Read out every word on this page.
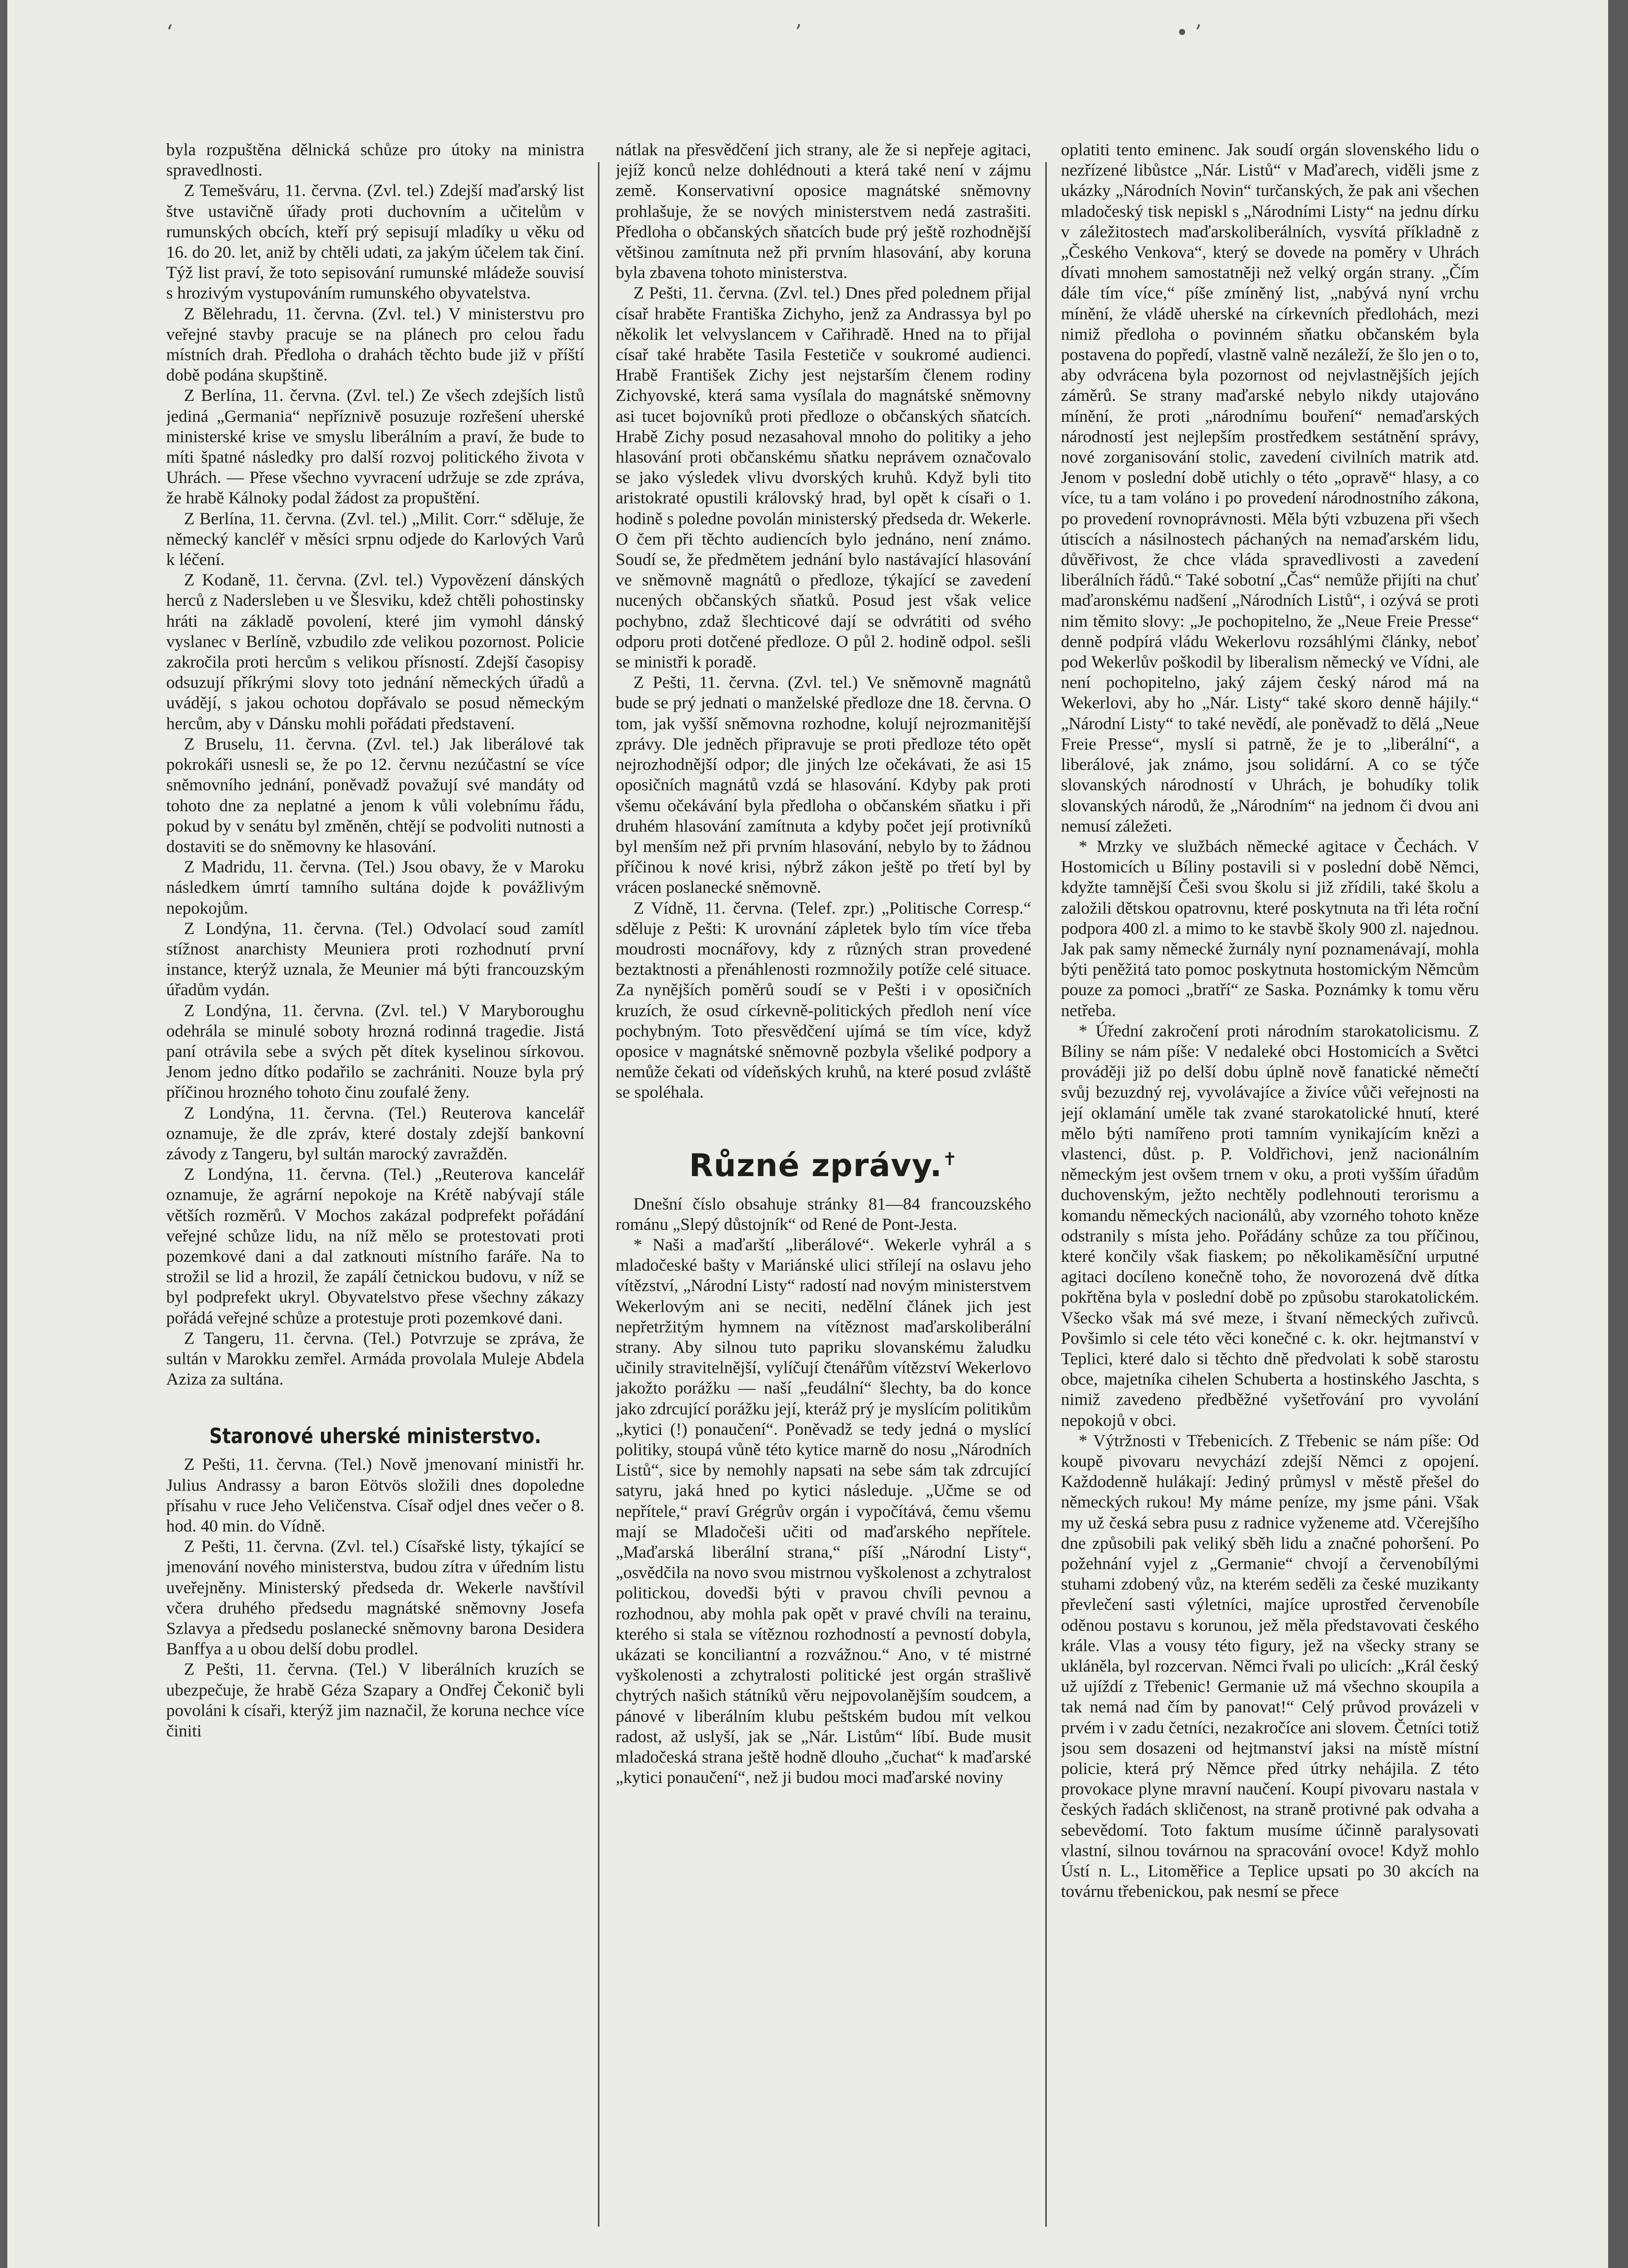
ʻ	ʼ	• ’

byla rozpuštěna dělnická schůze pro útoky na ministra spravedlnosti.

Z Temešváru, 11. června. (Zvl. tel.) Zdejší maďarský list štve ustavičně úřady proti duchovním a učitelům v rumunských obcích, kteří prý sepisují mladíky u věku od 16. do 20. let, aniž by chtěli udati, za jakým účelem tak činí. Týž list praví, že toto sepisování rumunské mládeže souvisí s hrozivým vystupováním rumunského obyvatelstva.

Z Bělehradu, 11. června. (Zvl. tel.) V ministerstvu pro veřejné stavby pracuje se na plánech pro celou řadu místních drah. Předloha o drahách těchto bude již v příští době podána skupštině.

Z Berlína, 11. června. (Zvl. tel.) Ze všech zdejších listů jediná „Germania“ nepříznivě posuzuje rozřešení uherské ministerské krise ve smyslu liberálním a praví, že bude to míti špatné následky pro další rozvoj politického života v Uhrách. — Přese všechno vyvracení udržuje se zde zpráva, že hrabě Kálnoky podal žádost za propuštění.

Z Berlína, 11. června. (Zvl. tel.) „Milit. Corr.“ sděluje, že německý kancléř v měsíci srpnu odjede do Karlových Varů k léčení.

Z Kodaně, 11. června. (Zvl. tel.) Vypovězení dánských herců z Nadersleben u ve Šlesviku, kdež chtěli pohostinsky hráti na základě povolení, které jim vymohl dánský vyslanec v Berlíně, vzbudilo zde velikou pozornost. Policie zakročila proti hercům s velikou přísností. Zdejší časopisy odsuzují příkrými slovy toto jednání německých úřadů a uvádějí, s jakou ochotou dopřávalo se posud německým hercům, aby v Dánsku mohli pořádati představení.

Z Bruselu, 11. června. (Zvl. tel.) Jak liberálové tak pokrokáři usnesli se, že po 12. červnu nezúčastní se více sněmovního jednání, poněvadž považují své mandáty od tohoto dne za neplatné a jenom k vůli volebnímu řádu, pokud by v senátu byl změněn, chtějí se podvoliti nutnosti a dostaviti se do sněmovny ke hlasování.

Z Madridu, 11. června. (Tel.) Jsou obavy, že v Maroku následkem úmrtí tamního sultána dojde k povážlivým nepokojům.

Z Londýna, 11. června. (Tel.) Odvolací soud zamítl stížnost anarchisty Meuniera proti rozhodnutí první instance, kterýž uznala, že Meunier má býti francouzským úřadům vydán.

Z Londýna, 11. června. (Zvl. tel.) V Maryboroughu odehrála se minulé soboty hrozná rodinná tragedie. Jistá paní otrávila sebe a svých pět dítek kyselinou sírkovou. Jenom jedno dítko podařilo se zachrániti. Nouze byla prý příčinou hrozného tohoto činu zoufalé ženy.

Z Londýna, 11. června. (Tel.) Reuterova kancelář oznamuje, že dle zpráv, které dostaly zdejší bankovní závody z Tangeru, byl sultán marocký zavražděn.

Z Londýna, 11. června. (Tel.) „Reuterova kancelář oznamuje, že agrární nepokoje na Krétě nabývají stále větších rozměrů. V Mochos zakázal podprefekt pořádání veřejné schůze lidu, na níž mělo se protestovati proti pozemkové dani a dal zatknouti místního faráře. Na to strožil se lid a hrozil, že zapálí četnickou budovu, v níž se byl podprefekt ukryl. Obyvatelstvo přese všechny zákazy pořádá veřejné schůze a protestuje proti pozemkové dani.

Z Tangeru, 11. června. (Tel.) Potvrzuje se zpráva, že sultán v Marokku zemřel. Armáda provolala Muleje Abdela Aziza za sultána.

Staronové uherské ministerstvo.

Z Pešti, 11. června. (Tel.) Nově jmenovaní ministři hr. Julius Andrassy a baron Eötvös složili dnes dopoledne přísahu v ruce Jeho Veličenstva. Císař odjel dnes večer o 8. hod. 40 min. do Vídně.

Z Pešti, 11. června. (Zvl. tel.) Císařské listy, týkající se jmenování nového ministerstva, budou zítra v úředním listu uveřejněny. Ministerský předseda dr. Wekerle navštívil včera druhého předsedu magnátské sněmovny Josefa Szlavya a předsedu poslanecké sněmovny barona Desidera Banffya a u obou delší dobu prodlel.

Z Pešti, 11. června. (Tel.) V liberálních kruzích se ubezpečuje, že hrabě Géza Szapary a Ondřej Čekonič byli povoláni k císaři, kterýž jim naznačil, že koruna nechce více činiti

nátlak na přesvědčení jich strany, ale že si nepřeje agitaci, jejíž konců nelze dohlédnouti a která také není v zájmu země. Konservativní oposice magnátské sněmovny prohlašuje, že se nových ministerstvem nedá zastrašiti. Předloha o občanských sňatcích bude prý ještě rozhodnější většinou zamítnuta než při prvním hlasování, aby koruna byla zbavena tohoto ministerstva.

Z Pešti, 11. června. (Zvl. tel.) Dnes před polednem přijal císař hraběte Františka Zichyho, jenž za Andrassya byl po několik let velvyslancem v Cařihradě. Hned na to přijal císař také hraběte Tasila Festetiče v soukromé audienci. Hrabě František Zichy jest nejstarším členem rodiny Zichyovské, která sama vysílala do magnátské sněmovny asi tucet bojovníků proti předloze o občanských sňatcích. Hrabě Zichy posud nezasahoval mnoho do politiky a jeho hlasování proti občanskému sňatku neprávem označovalo se jako výsledek vlivu dvorských kruhů. Když byli tito aristokraté opustili královský hrad, byl opět k císaři o 1. hodině s poledne povolán ministerský předseda dr. Wekerle. O čem při těchto audiencích bylo jednáno, není známo. Soudí se, že předmětem jednání bylo nastávající hlasování ve sněmovně magnátů o předloze, týkající se zavedení nucených občanských sňatků. Posud jest však velice pochybno, zdaž šlechticové dají se odvrátiti od svého odporu proti dotčené předloze. O půl 2. hodině odpol. sešli se ministři k poradě.

Z Pešti, 11. června. (Zvl. tel.) Ve sněmovně magnátů bude se prý jednati o manželské předloze dne 18. června. O tom, jak vyšší sněmovna rozhodne, kolují nejrozmanitější zprávy. Dle jedněch připravuje se proti předloze této opět nejrozhodnější odpor; dle jiných lze očekávati, že asi 15 oposičních magnátů vzdá se hlasování. Kdyby pak proti všemu očekávání byla předloha o občanském sňatku i při druhém hlasování zamítnuta a kdyby počet její protivníků byl menším než při prvním hlasování, nebylo by to žádnou příčinou k nové krisi, nýbrž zákon ještě po třetí byl by vrácen poslanecké sněmovně.

Z Vídně, 11. června. (Telef. zpr.) „Politische Corresp.“ sděluje z Pešti: K urovnání zápletek bylo tím více třeba moudrosti mocnářovy, kdy z různých stran provedené beztaktnosti a přenáhlenosti rozmnožily potíže celé situace. Za nynějších poměrů soudí se v Pešti i v oposičních kruzích, že osud církevně-politických předloh není více pochybným. Toto přesvědčení ujímá se tím více, když oposice v magnátské sněmovně pozbyla všeliké podpory a nemůže čekati od vídeňských kruhů, na které posud zvláště se spoléhala.

Různé zprávy.✝

Dnešní číslo obsahuje stránky 81—84 francouzského románu „Slepý důstojník“ od René de Pont-Jesta.

* Naši a maďarští „liberálové“. Wekerle vyhrál a s mladočeské bašty v Mariánské ulici střílejí na oslavu jeho vítězství, „Národní Listy“ radostí nad novým ministerstvem Wekerlovým ani se neciti, nedělní článek jich jest nepřetržitým hymnem na vítěznost maďarskoliberální strany. Aby silnou tuto papriku slovanskému žaludku učinily stravitelnější, vylíčují čtenářům vítězství Wekerlovo jakožto porážku — naší „feudální“ šlechty, ba do konce jako zdrcující porážku její, kteráž prý je myslícím politikům „kytici (!) ponaučení“. Poněvadž se tedy jedná o myslící politiky, stoupá vůně této kytice marně do nosu „Národních Listů“, sice by nemohly napsati na sebe sám tak zdrcující satyru, jaká hned po kytici následuje. „Učme se od nepřítele,“ praví Grégrův orgán i vypočítává, čemu všemu mají se Mladočeši učiti od maďarského nepřítele. „Maďarská liberální strana,“ píší „Národní Listy“, „osvědčila na novo svou mistrnou vyškolenost a zchytralost politickou, dovedši býti v pravou chvíli pevnou a rozhodnou, aby mohla pak opět v pravé chvíli na terainu, kterého si stala se vítěznou rozhodností a pevností dobyla, ukázati se konciliantní a rozvážnou.“ Ano, v té mistrné vyškolenosti a zchytralosti politické jest orgán strašlivě chytrých našich státníků věru nejpovolanějším soudcem, a pánové v liberálním klubu peštském budou mít velkou radost, až uslyší, jak se „Nár. Listům“ líbí. Bude musit mladočeská strana ještě hodně dlouho „čuchat“ k maďarské „kytici ponaučení“, než ji budou moci maďarské noviny

oplatiti tento eminenc. Jak soudí orgán slovenského lidu o nezřízené libůstce „Nár. Listů“ v Maďarech, viděli jsme z ukázky „Národních Novin“ turčanských, že pak ani všechen mladočeský tisk nepiskl s „Národními Listy“ na jednu dírku v záležitostech maďarskoliberálních, vysvítá příkladně z „Českého Venkova“, který se dovede na poměry v Uhrách dívati mnohem samostatněji než velký orgán strany. „Čím dále tím více,“ píše zmíněný list, „nabývá nyní vrchu mínění, že vládě uherské na církevních předlohách, mezi nimiž předloha o povinném sňatku občanském byla postavena do popředí, vlastně valně nezáleží, že šlo jen o to, aby odvrácena byla pozornost od nejvlastnějších jejích záměrů. Se strany maďarské nebylo nikdy utajováno mínění, že proti „národnímu bouření“ nemaďarských národností jest nejlepším prostředkem sestátnění správy, nové zorganisování stolic, zavedení civilních matrik atd. Jenom v poslední době utichly o této „opravě“ hlasy, a co více, tu a tam voláno i po provedení národnostního zákona, po provedení rovnoprávnosti. Měla býti vzbuzena při všech útiscích a násilnostech páchaných na nemaďarském lidu, důvěřivost, že chce vláda spravedlivosti a zavedení liberálních řádů.“ Také sobotní „Čas“ nemůže přijíti na chuť maďaronskému nadšení „Národních Listů“, i ozývá se proti nim těmito slovy: „Je pochopitelno, že „Neue Freie Presse“ denně podpírá vládu Wekerlovu rozsáhlými články, neboť pod Wekerlův poškodil by liberalism německý ve Vídni, ale není pochopitelno, jaký zájem český národ má na Wekerlovi, aby ho „Nár. Listy“ také skoro denně hájily.“ „Národní Listy“ to také nevědí, ale poněvadž to dělá „Neue Freie Presse“, myslí si patrně, že je to „liberální“, a liberálové, jak známo, jsou solidární. A co se týče slovanských národností v Uhrách, je bohudíky tolik slovanských národů, že „Národním“ na jednom či dvou ani nemusí záležeti.

* Mrzky ve službách německé agitace v Čechách. V Hostomicích u Bíliny postavili si v poslední době Němci, kdyžte tamnější Češi svou školu si již zřídili, také školu a založili dětskou opatrovnu, které poskytnuta na tři léta roční podpora 400 zl. a mimo to ke stavbě školy 900 zl. najednou. Jak pak samy německé žurnály nyní poznamenávají, mohla býti peněžitá tato pomoc poskytnuta hostomickým Němcům pouze za pomoci „bratří“ ze Saska. Poznámky k tomu věru netřeba.

* Úřední zakročení proti národním starokatolicismu. Z Bíliny se nám píše: V nedaleké obci Hostomicích a Světci prováději již po delší dobu úplně nově fanatické němečtí svůj bezuzdný rej, vyvolávajíce a živíce vůči veřejnosti na její oklamání uměle tak zvané starokatolické hnutí, které mělo býti namířeno proti tamním vynikajícím knězi a vlastenci, důst. p. P. Voldřichovi, jenž nacionálním německým jest ovšem trnem v oku, a proti vyšším úřadům duchovenským, ježto nechtěly podlehnouti terorismu a komandu německých nacionálů, aby vzorného tohoto kněze odstranily s místa jeho. Pořádány schůze za tou příčinou, které končily však fiaskem; po několikaměsíční urputné agitaci docíleno konečně toho, že novorozená dvě dítka pokřtěna byla v poslední době po způsobu starokatolickém. Všecko však má své meze, i štvaní německých zuřivců. Povšimlo si cele této věci konečné c. k. okr. hejtmanství v Teplici, které dalo si těchto dně předvolati k sobě starostu obce, majetníka cihelen Schuberta a hostinského Jaschta, s nimiž zavedeno předběžné vyšetřování pro vyvolání nepokojů v obci.

* Výtržnosti v Třebenicích. Z Třebenic se nám píše: Od koupě pivovaru nevychází zdejší Němci z opojení. Každodenně hulákají: Jediný průmysl v městě přešel do německých rukou! My máme peníze, my jsme páni. Však my už česká sebra pusu z radnice vyženeme atd. Včerejšího dne způsobili pak veliký sběh lidu a značné pohoršení. Po požehnání vyjel z „Germanie“ chvojí a červenobílými stuhami zdobený vůz, na kterém seděli za české muzikanty převlečení sasti výletníci, majíce uprostřed červenobíle oděnou postavu s korunou, jež měla představovati českého krále. Vlas a vousy této figury, jež na všecky strany se ukláněla, byl rozcervan. Němci řvali po ulicích: „Král český už ujíždí z Třebenic! Germanie už má všechno skoupila a tak nemá nad čím by panovat!“ Celý průvod provázeli v prvém i v zadu četníci, nezakročíce ani slovem. Četníci totiž jsou sem dosazeni od hejtmanství jaksi na místě místní policie, která prý Němce před útrky nehájila. Z této provokace plyne mravní naučení. Koupí pivovaru nastala v českých řadách skličenost, na straně protivné pak odvaha a sebevědomí. Toto faktum musíme účinně paralysovati vlastní, silnou továrnou na spracování ovoce! Když mohlo Ústí n. L., Litoměřice a Teplice upsati po 30 akcích na továrnu třebenickou, pak nesmí se přece
